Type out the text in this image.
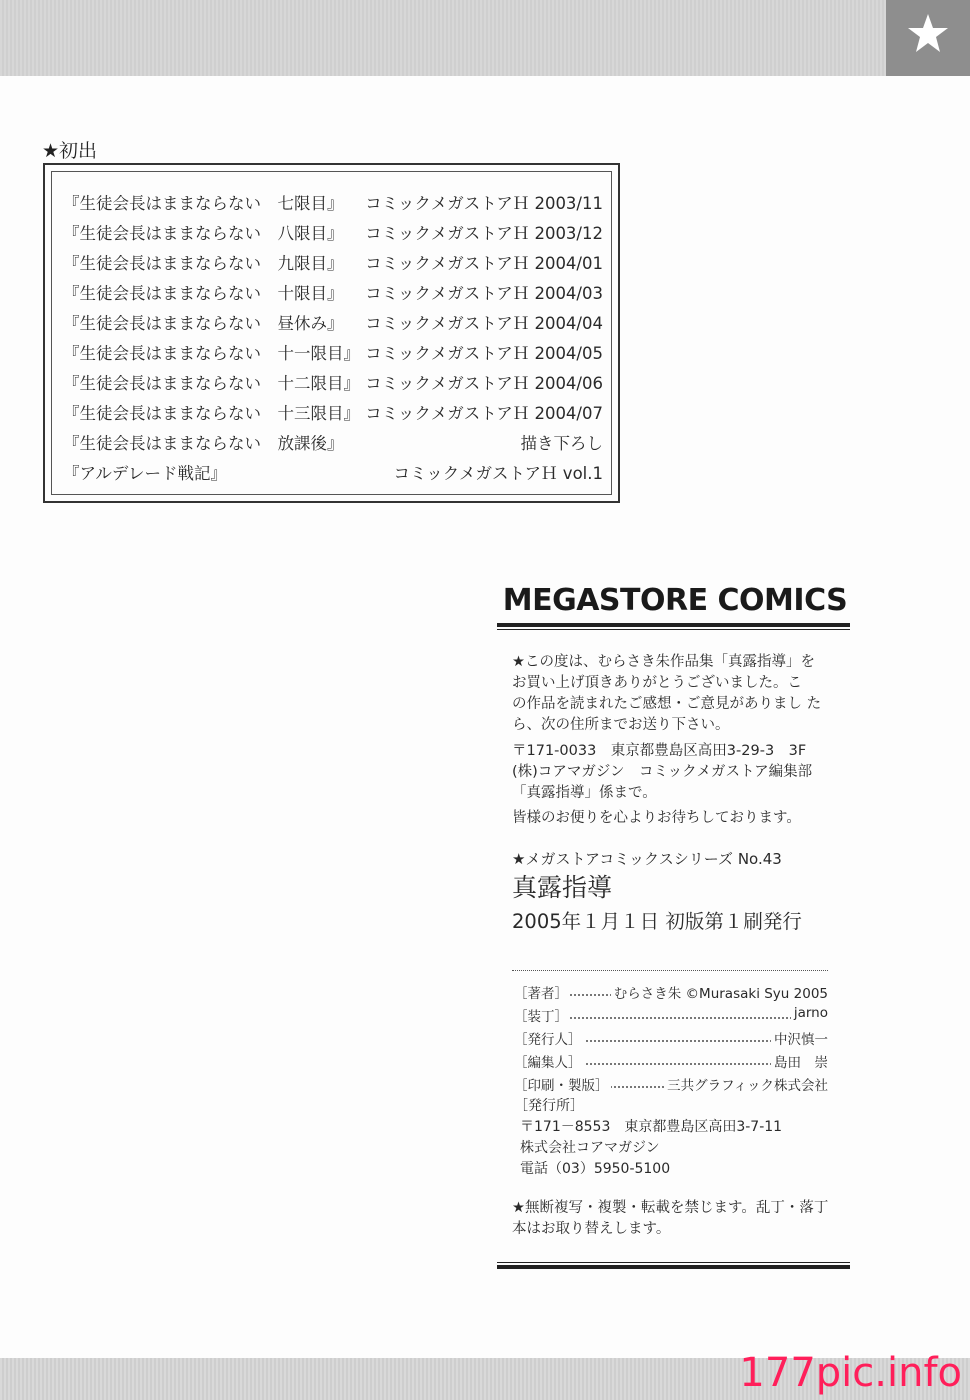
★初出
『生徒会長はままならない　七限目』 コミックメガストアＨ 2003/11
『生徒会長はままならない　八限目』 コミックメガストアＨ 2003/12
『生徒会長はままならない　九限目』 コミックメガストアＨ 2004/01
『生徒会長はままならない　十限目』 コミックメガストアＨ 2004/03
『生徒会長はままならない　昼休み』 コミックメガストアＨ 2004/04
『生徒会長はままならない　十一限目』 コミックメガストアＨ 2004/05
『生徒会長はままならない　十二限目』 コミックメガストアＨ 2004/06
『生徒会長はままならない　十三限目』 コミックメガストアＨ 2004/07
『生徒会長はままならない　放課後』	描き下ろし
『アルデレード戦記』	コミックメガストアＨ vol.1
MEGASTORE COMICS
★この度は、むらさき朱作品集「真露指導」を
お買い上げ頂きありがとうございました。こ
の作品を読まれたご感想・ご意見がありまし た
ら、次の住所までお送り下さい。
〒171-0033　東京都豊島区高田3-29-3　3F
(株)コアマガジン　コミックメガストア編集部
「真露指導」係まで。
皆様のお便りを心よりお待ちしております。
★メガストアコミックスシリーズ No.43
真露指導
2005年１月１日 初版第１刷発行
［著者］	むらさき朱 ©Murasaki Syu 2005
［装丁］	jarno
［発行人］	中沢慎一
［編集人］	島田　崇
［印刷・製版］	三共グラフィック株式会社
［発行所］
〒171－8553　東京都豊島区高田3-7-11
株式会社コアマガジン
電話（03）5950-5100
★無断複写・複製・転載を禁じます。乱丁・落丁
本はお取り替えします。
177pic.info
